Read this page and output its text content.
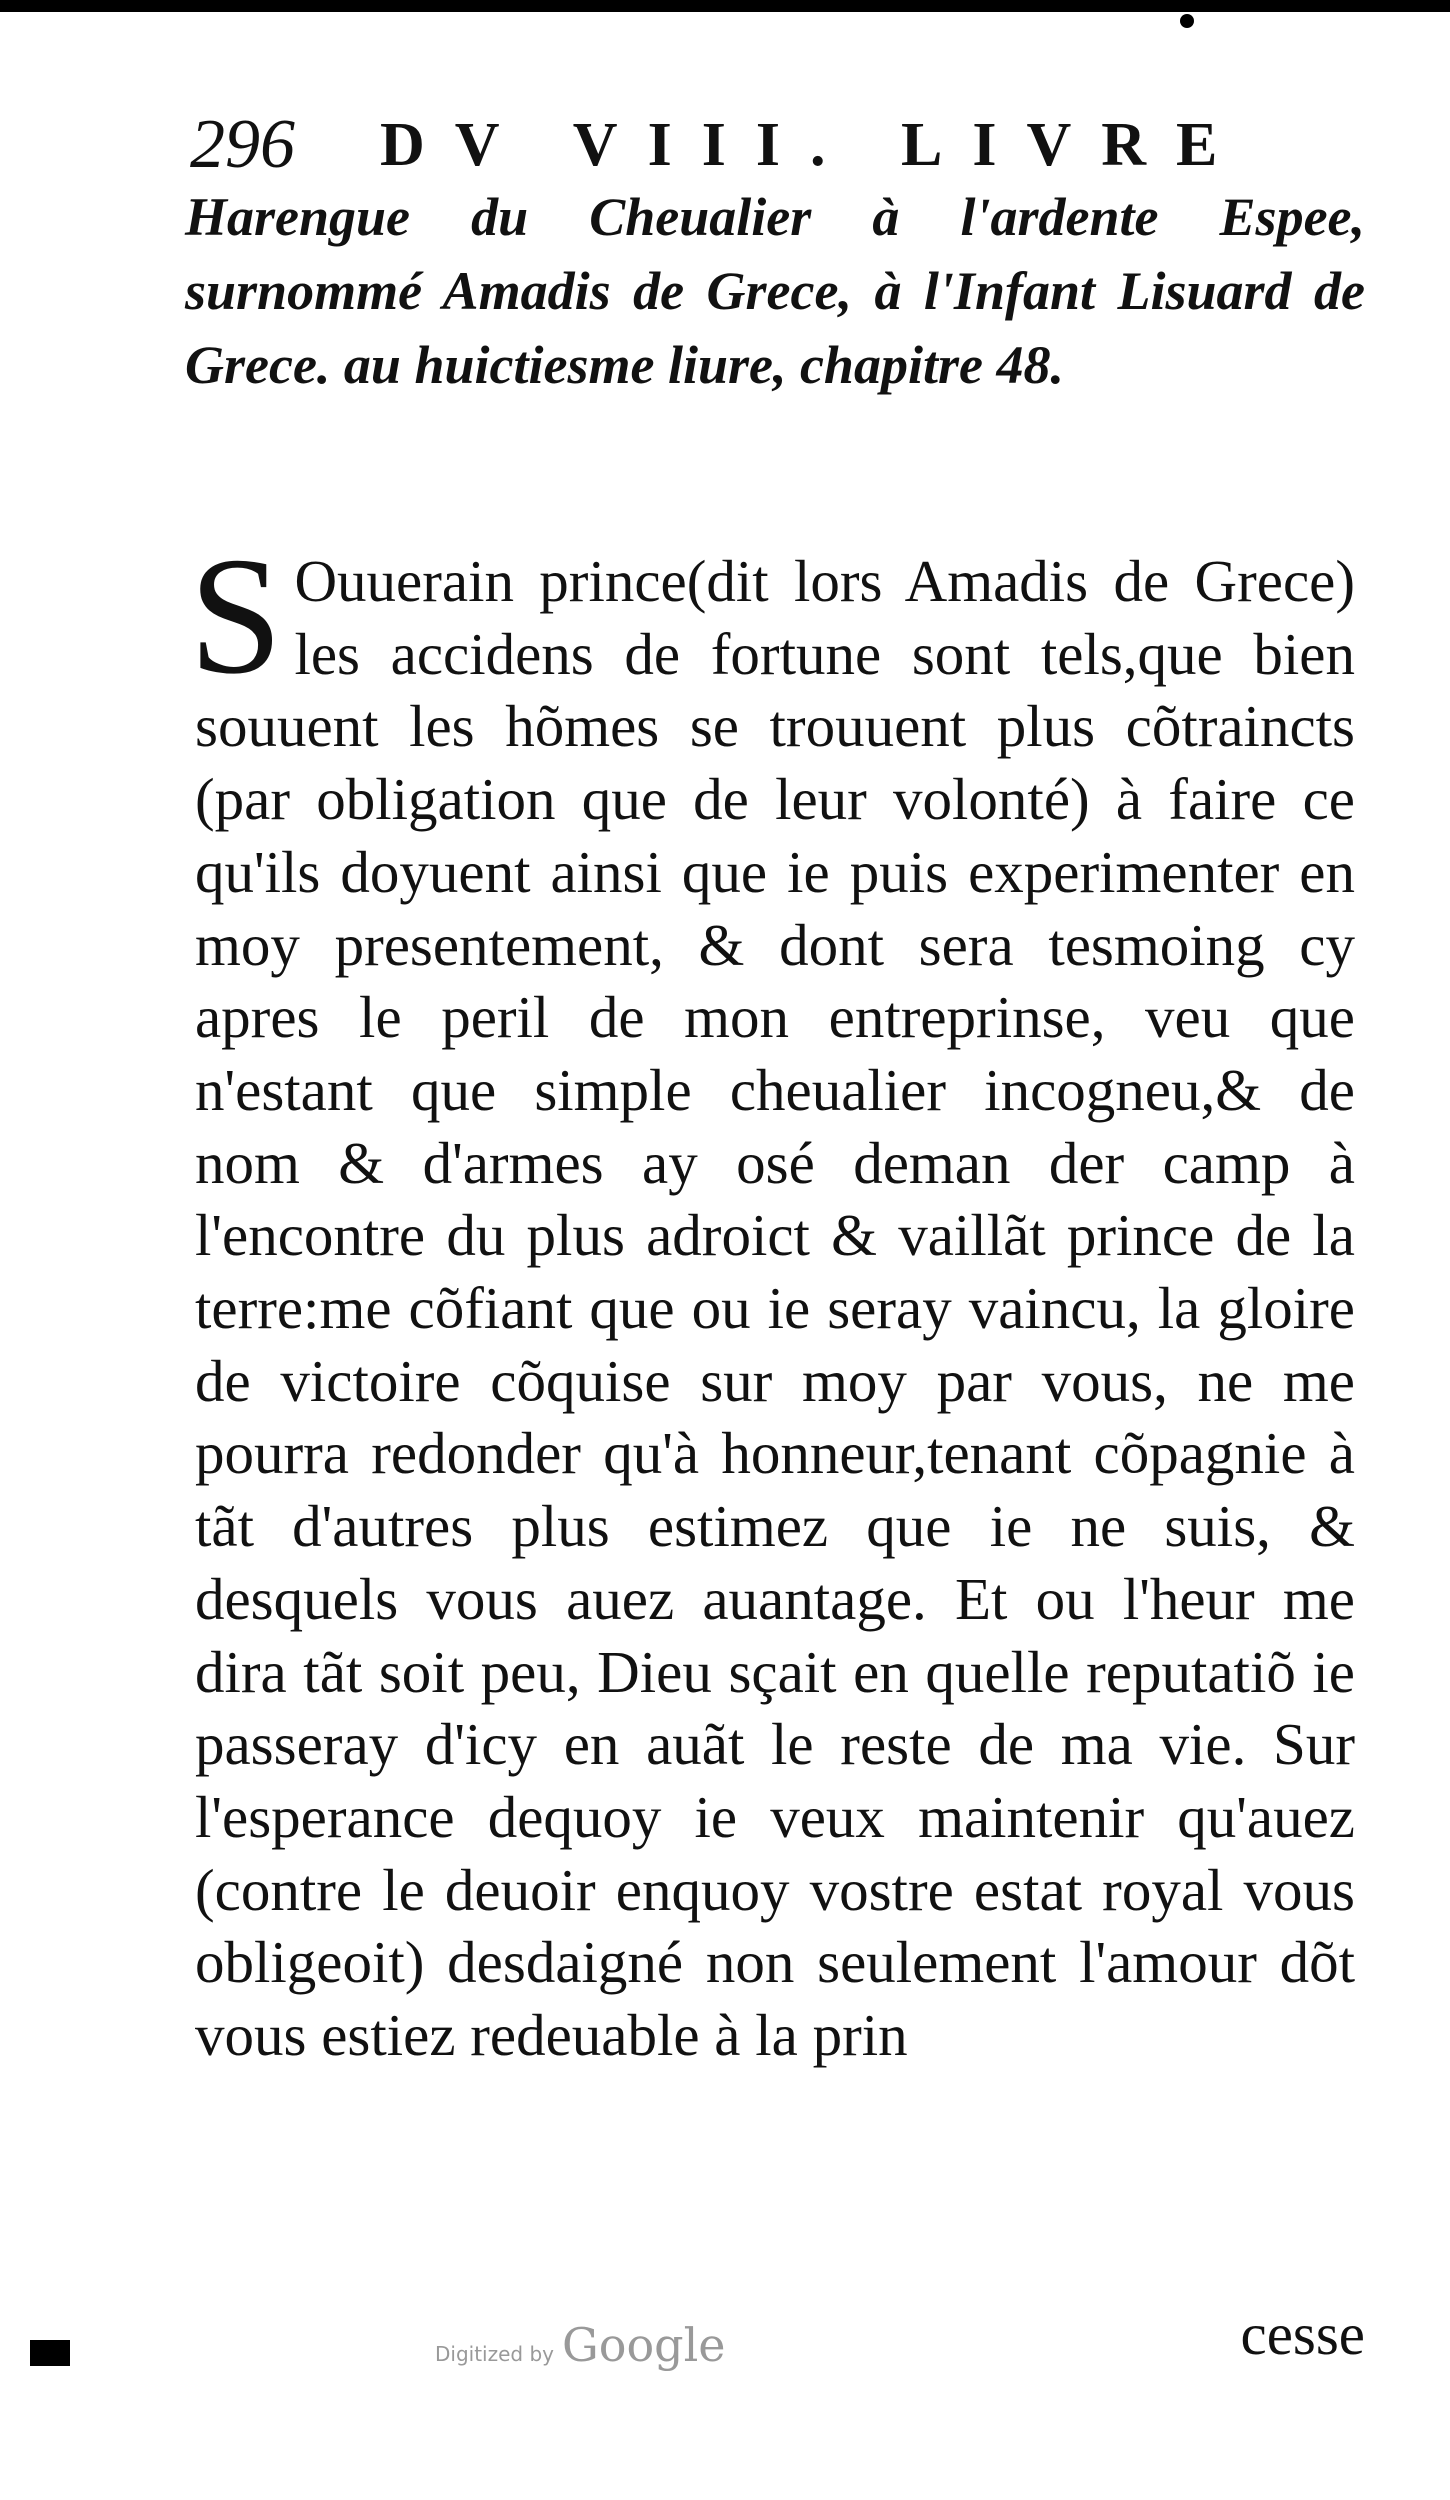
296	DV VIII. LIVRE
Harengue du Cheualier à l'ardente Espee, surnommé Amadis de Grece, à l'Infant Lisuard de Grece. au huictiesme liure, chapitre 48.

S Ouuerain prince(dit lors Amadis de Grece) les accidens de fortune sont tels,que bien souuent les hõmes se trouuent plus cõtraincts (par obligation que de leur volonté) à faire ce qu'ils doyuent ainsi que ie puis experimenter en moy presentement, & dont sera tesmoing cy apres le peril de mon entreprinse, veu que n'estant que simple cheualier incogneu,& de nom & d'armes ay osé deman der camp à l'encontre du plus adroict & vaillãt prince de la terre:me cõfiant que ou ie seray vaincu, la gloire de victoire cõquise sur moy par vous, ne me pourra redonder qu'à honneur,tenant cõpagnie à tãt d'autres plus estimez que ie ne suis, & desquels vous auez auantage. Et ou l'heur me dira tãt soit peu, Dieu sçait en quelle reputatiõ ie passeray d'icy en auãt le reste de ma vie. Sur l'esperance dequoy ie veux maintenir qu'auez (contre le deuoir enquoy vostre estat royal vous obligeoit) desdaigné non seulement l'amour dõt vous estiez redeuable à la prin

cesse
Digitized by Google
